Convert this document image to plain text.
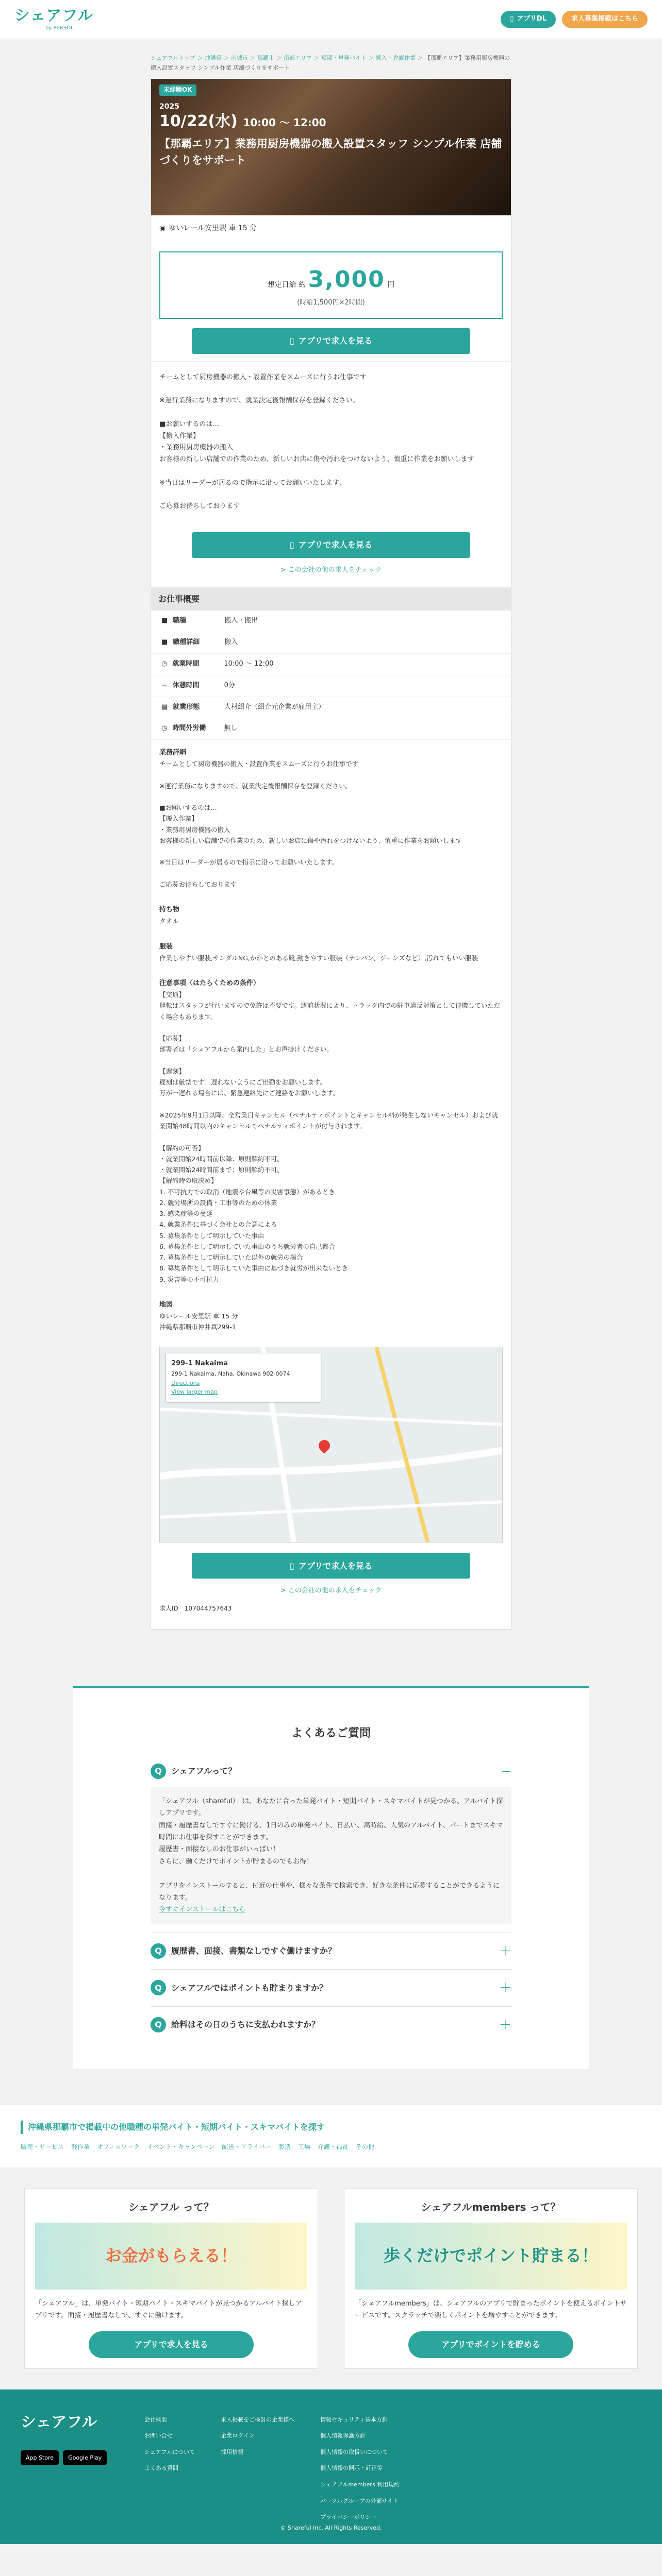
シェアフル
by PERSOL
▯ アプリDL	求人募集掲載はこちら
シェアフルトップ ＞ 沖縄県 ＞ 南城市 ＞ 那覇市 ＞ 南部エリア ＞ 短期・単発バイト ＞ 搬入・倉庫作業 ＞ 【那覇エリア】業務用厨房機器の搬入設置スタッフ シンプル作業 店舗づくりをサポート
未経験OK
2025
10/22(水) 10:00 〜 12:00
【那覇エリア】業務用厨房機器の搬入設置スタッフ シンプル作業 店舗づくりをサポート
◉ ゆいレール安里駅 車 15 分
想定日給 約 3,000 円
(時給1,500円×2時間)
▯ アプリで求人を見る
チームとして厨房機器の搬入・設置作業をスムーズに行うお仕事です

※運行業務になりますので、就業決定後報酬保存を登録ください。

■お願いするのは…
【搬入作業】
・業務用厨房機器の搬入
お客様の新しい店舗での作業のため、新しいお店に傷や汚れをつけないよう、慎重に作業をお願いします

※当日はリーダーが居るので指示に沿ってお願いいたします。

ご応募お待ちしております
▯ アプリで求人を見る
> この会社の他の求人をチェック
お仕事概要
■ 職種	搬入・搬出
■ 職種詳細	搬入
◷ 就業時間	10:00 〜 12:00
☕ 休憩時間	0分
▤ 就業形態	人材紹介（紹介元企業が雇用主）
◷ 時間外労働	無し
業務詳細
チームとして厨房機器の搬入・設置作業をスムーズに行うお仕事です

※運行業務になりますので、就業決定後報酬保存を登録ください。

■お願いするのは…
【搬入作業】
・業務用厨房機器の搬入
お客様の新しい店舗での作業のため、新しいお店に傷や汚れをつけないよう、慎重に作業をお願いします

※当日はリーダーが居るので指示に沿ってお願いいたします。

ご応募お待ちしております
持ち物
タオル
服装
作業しやすい服装,サンダルNG,かかとのある靴,動きやすい服装（ナンバン、ジーンズなど）,汚れてもいい服装
注意事項（はたらくための条件）
【交通】
運転はスタッフが行いますので免許は不要です。週前状況により、トラック内での駐車違反対策として待機していただく場合もあります。

【応募】
部署者は「シェアフルから案内した」とお声掛けください。

【遅刻】
遅刻は厳禁です！遅れないようにご出勤をお願いします。
万が一遅れる場合には、緊急連絡先にご連絡をお願いします。

※2025年9月1日以降、全営業日キャンセル（ペナルティポイントとキャンセル料が発生しないキャンセル）および就業開始48時間以内のキャンセルでペナルティポイントが付与されます。

【解約の可否】
・就業開始24時間前以降：原則解約不可。
・就業開始24時間前まで：原則解約不可。
【解約時の取決め】
1. 不可抗力での取消（地震や台風等の災害事態）があるとき
2. 就労場所の設備・工事等のための休業
3. 感染症等の蔓延
4. 就業条件に基づく会社との合意による
5. 募集条件として明示していた事由
6. 募集条件として明示していた事由のうち就労者の自己都合
7. 募集条件として明示していた以外の就労の場合
8. 募集条件として明示していた事由に基づき就労が出来ないとき
9. 災害等の不可抗力
地図
ゆいレール安里駅 車 15 分
沖縄県那覇市仲井真299-1
299-1 Nakaima
299-1 Nakaima, Naha, Okinawa 902-0074
Directions
View larger map
▯ アプリで求人を見る
> この会社の他の求人をチェック
求人ID　 107044757643
よくあるご質問
Q	シェアフルって？	−
「シェアフル（shareful）」は、あなたに合った単発バイト・短期バイト・スキマバイトが見つかる、アルバイト探しアプリです。
面接・履歴書なしですぐに働ける、1日のみの単発バイト、日払い、高時給、人気のアルバイト、パートまでスキマ時間にお仕事を探すことができます。
履歴書・面接なしのお仕事がいっぱい！
さらに、働くだけでポイントが貯まるのでもお得！

アプリをインストールすると、付近の仕事や、様々な条件で検索でき、好きな条件に応募することができるようになります。
今すぐインストールはこちら
Q	履歴書、面接、書類なしですぐ働けますか？	＋
Q	シェアフルではポイントも貯まりますか？	＋
Q	給料はその日のうちに支払われますか？	＋
沖縄県那覇市で掲載中の他職種の単発バイト・短期バイト・スキマバイトを探す
販売・サービス 軽作業 オフィスワーク イベント・キャンペーン 配送・ドライバー 製造 工場 介護・福祉 その他
シェアフル って？
お金がもらえる！

「シェアフル」は、単発バイト・短期バイト・スキマバイトが見つかるアルバイト探しアプリです。面接・履歴書なしで、すぐに働けます。

アプリで求人を見る
シェアフルmembers って？
歩くだけでポイント貯まる！

「シェアフルmembers」は、シェアフルのアプリで貯まったポイントを使えるポイントサービスです。スクラッチで楽しくポイントを増やすことができます。

アプリでポイントを貯める
シェアフル
App Store	Google Play
会社概要
お問い合せ
シェアフルについて
よくある質問
求人掲載をご検討の企業様へ
企業ログイン
採用情報
情報セキュリティ基本方針
個人情報保護方針
個人情報の取扱いについて
個人情報の開示・訂正等
シェアフルmembers 利用規約
パーソルグループの外部サイト
プライバシーポリシー
© Shareful Inc. All Rights Reserved.
